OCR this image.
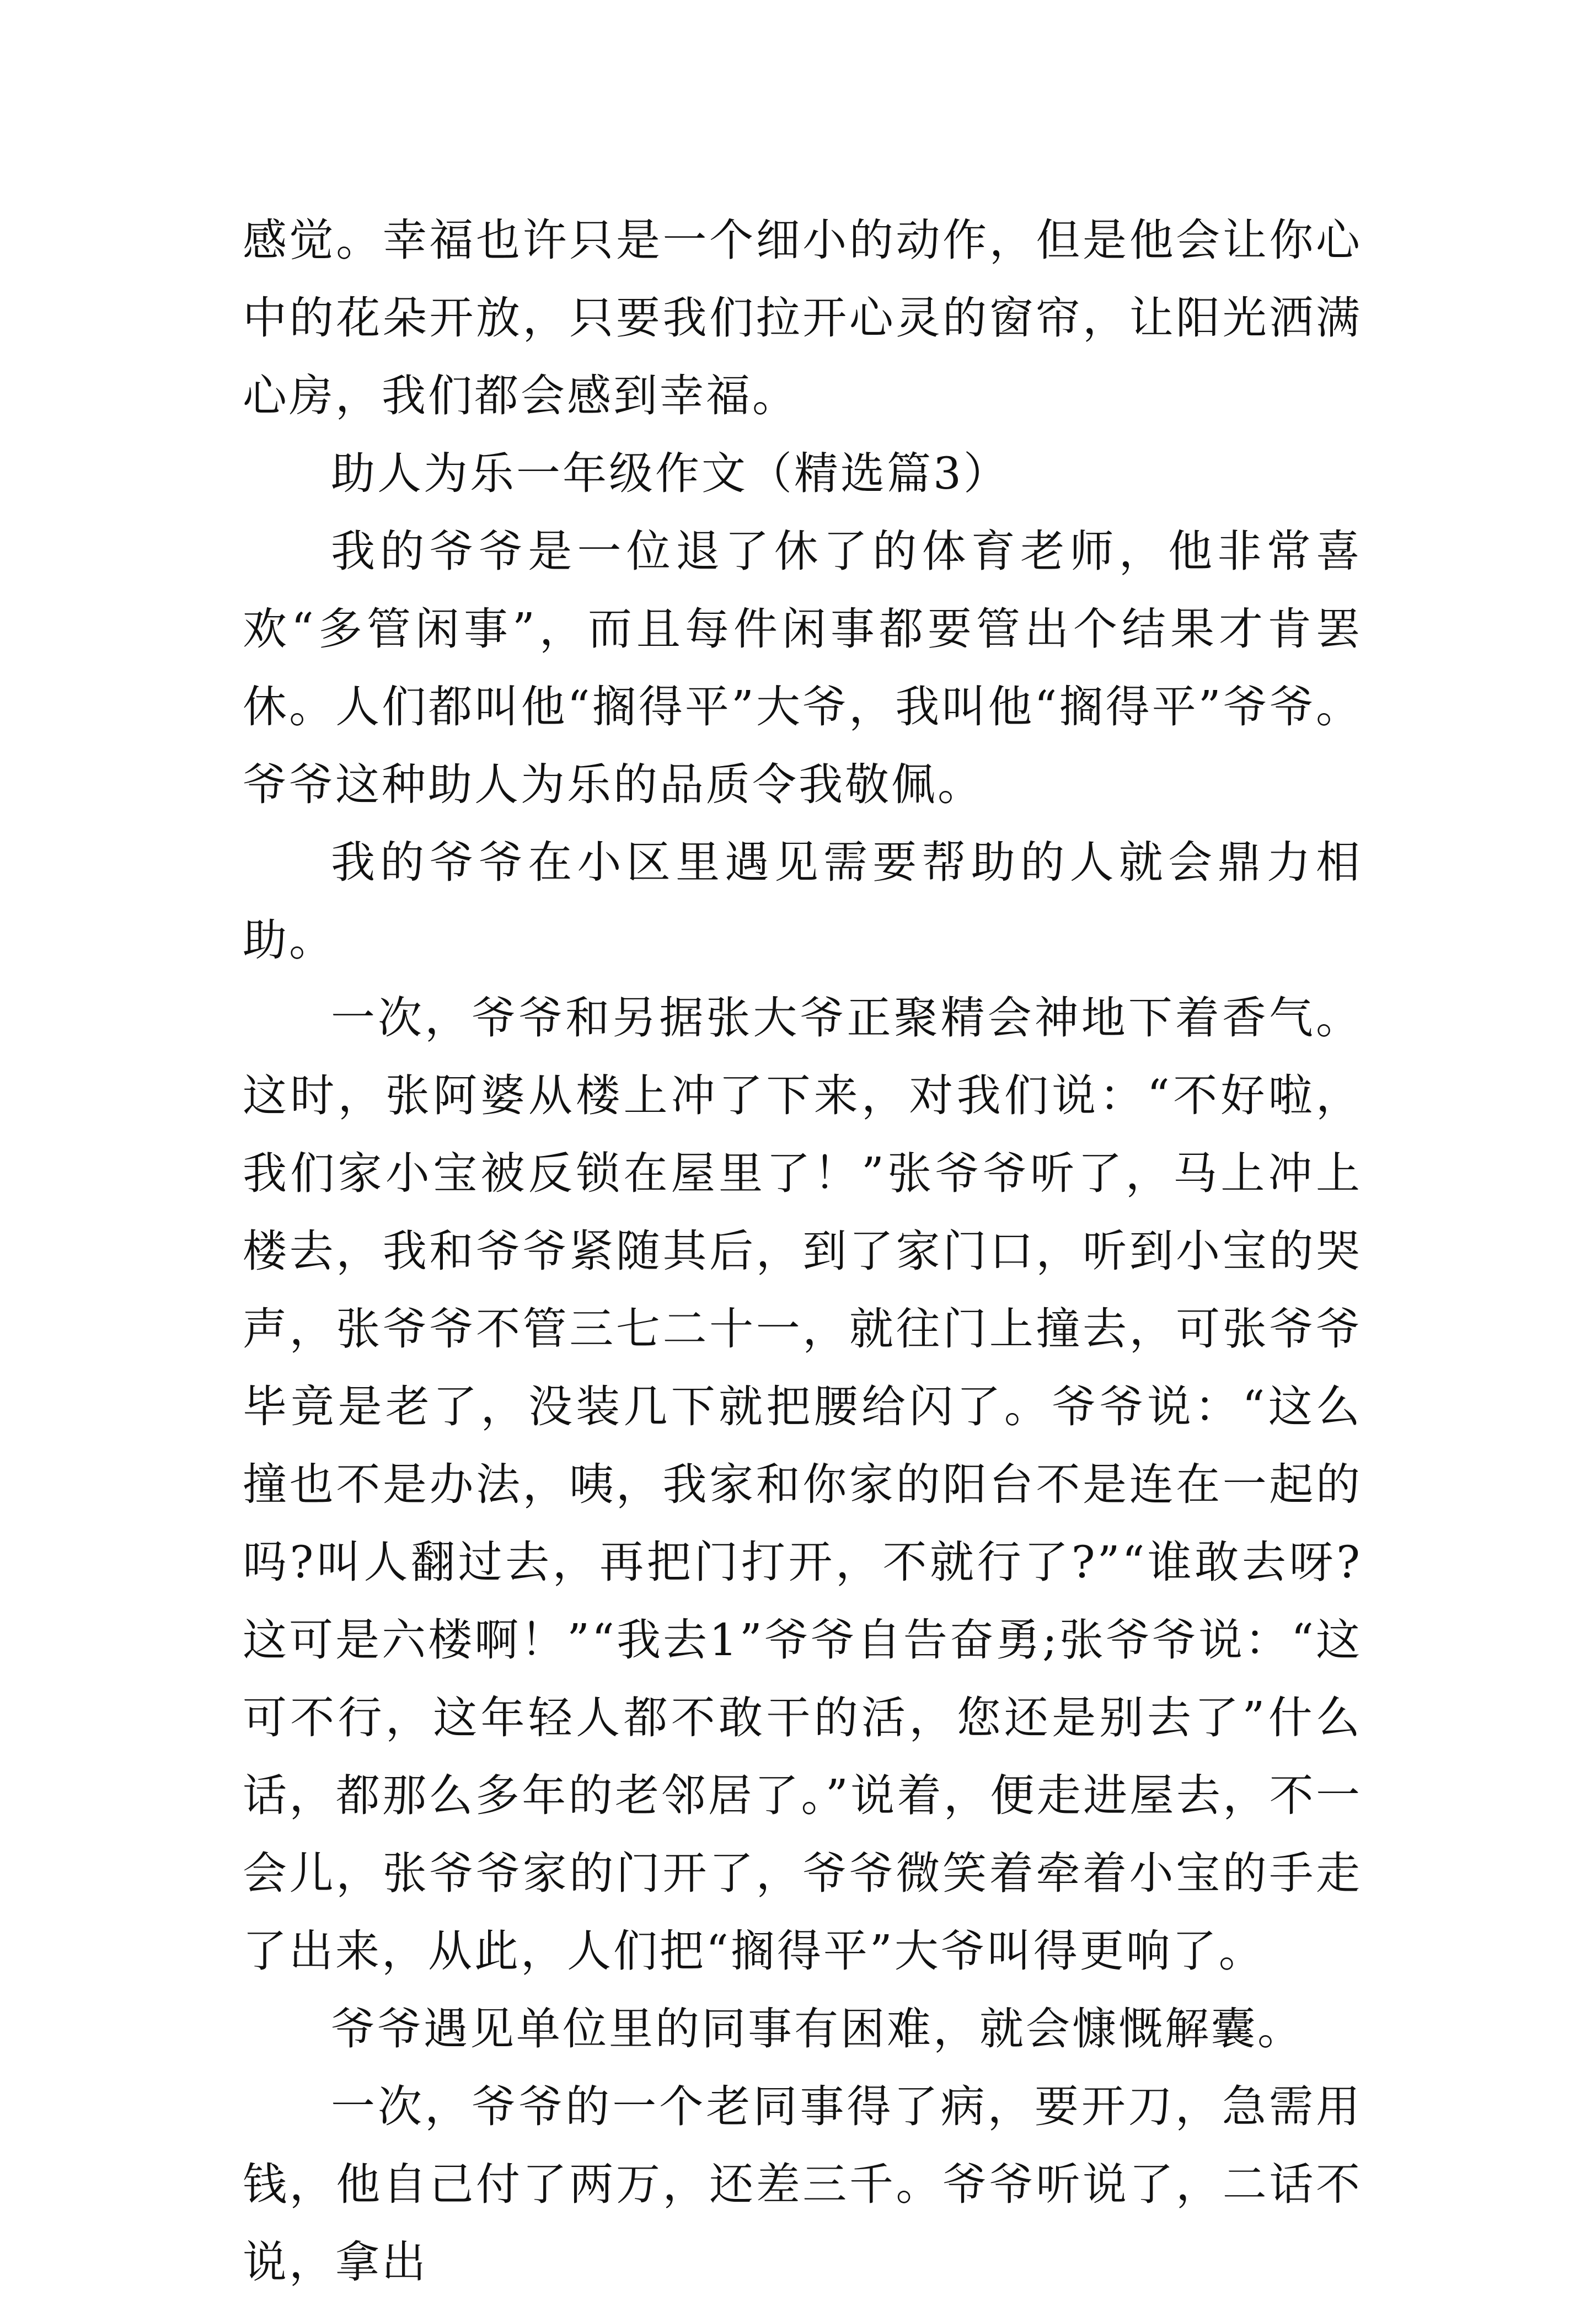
感觉。幸福也许只是一个细小的动作，但是他会让你心中的花朵开放，只要我们拉开心灵的窗帘，让阳光洒满心房，我们都会感到幸福。

助人为乐一年级作文（精选篇3）

我的爷爷是一位退了休了的体育老师，他非常喜欢“多管闲事”，而且每件闲事都要管出个结果才肯罢休。人们都叫他“搁得平”大爷，我叫他“搁得平”爷爷。爷爷这种助人为乐的品质令我敬佩。

我的爷爷在小区里遇见需要帮助的人就会鼎力相助。

一次，爷爷和另据张大爷正聚精会神地下着香气。这时，张阿婆从楼上冲了下来，对我们说：“不好啦，我们家小宝被反锁在屋里了！”张爷爷听了，马上冲上楼去，我和爷爷紧随其后，到了家门口，听到小宝的哭声，张爷爷不管三七二十一，就往门上撞去，可张爷爷毕竟是老了，没装几下就把腰给闪了。爷爷说：“这么撞也不是办法，咦，我家和你家的阳台不是连在一起的吗?叫人翻过去，再把门打开，不就行了?”“谁敢去呀?这可是六楼啊！”“我去1”爷爷自告奋勇;张爷爷说：“这可不行，这年轻人都不敢干的活，您还是别去了”什么话，都那么多年的老邻居了。”说着，便走进屋去，不一会儿，张爷爷家的门开了，爷爷微笑着牵着小宝的手走了出来，从此，人们把“搁得平”大爷叫得更响了。

爷爷遇见单位里的同事有困难，就会慷慨解囊。

一次，爷爷的一个老同事得了病，要开刀，急需用钱，他自己付了两万，还差三千。爷爷听说了，二话不说，拿出
